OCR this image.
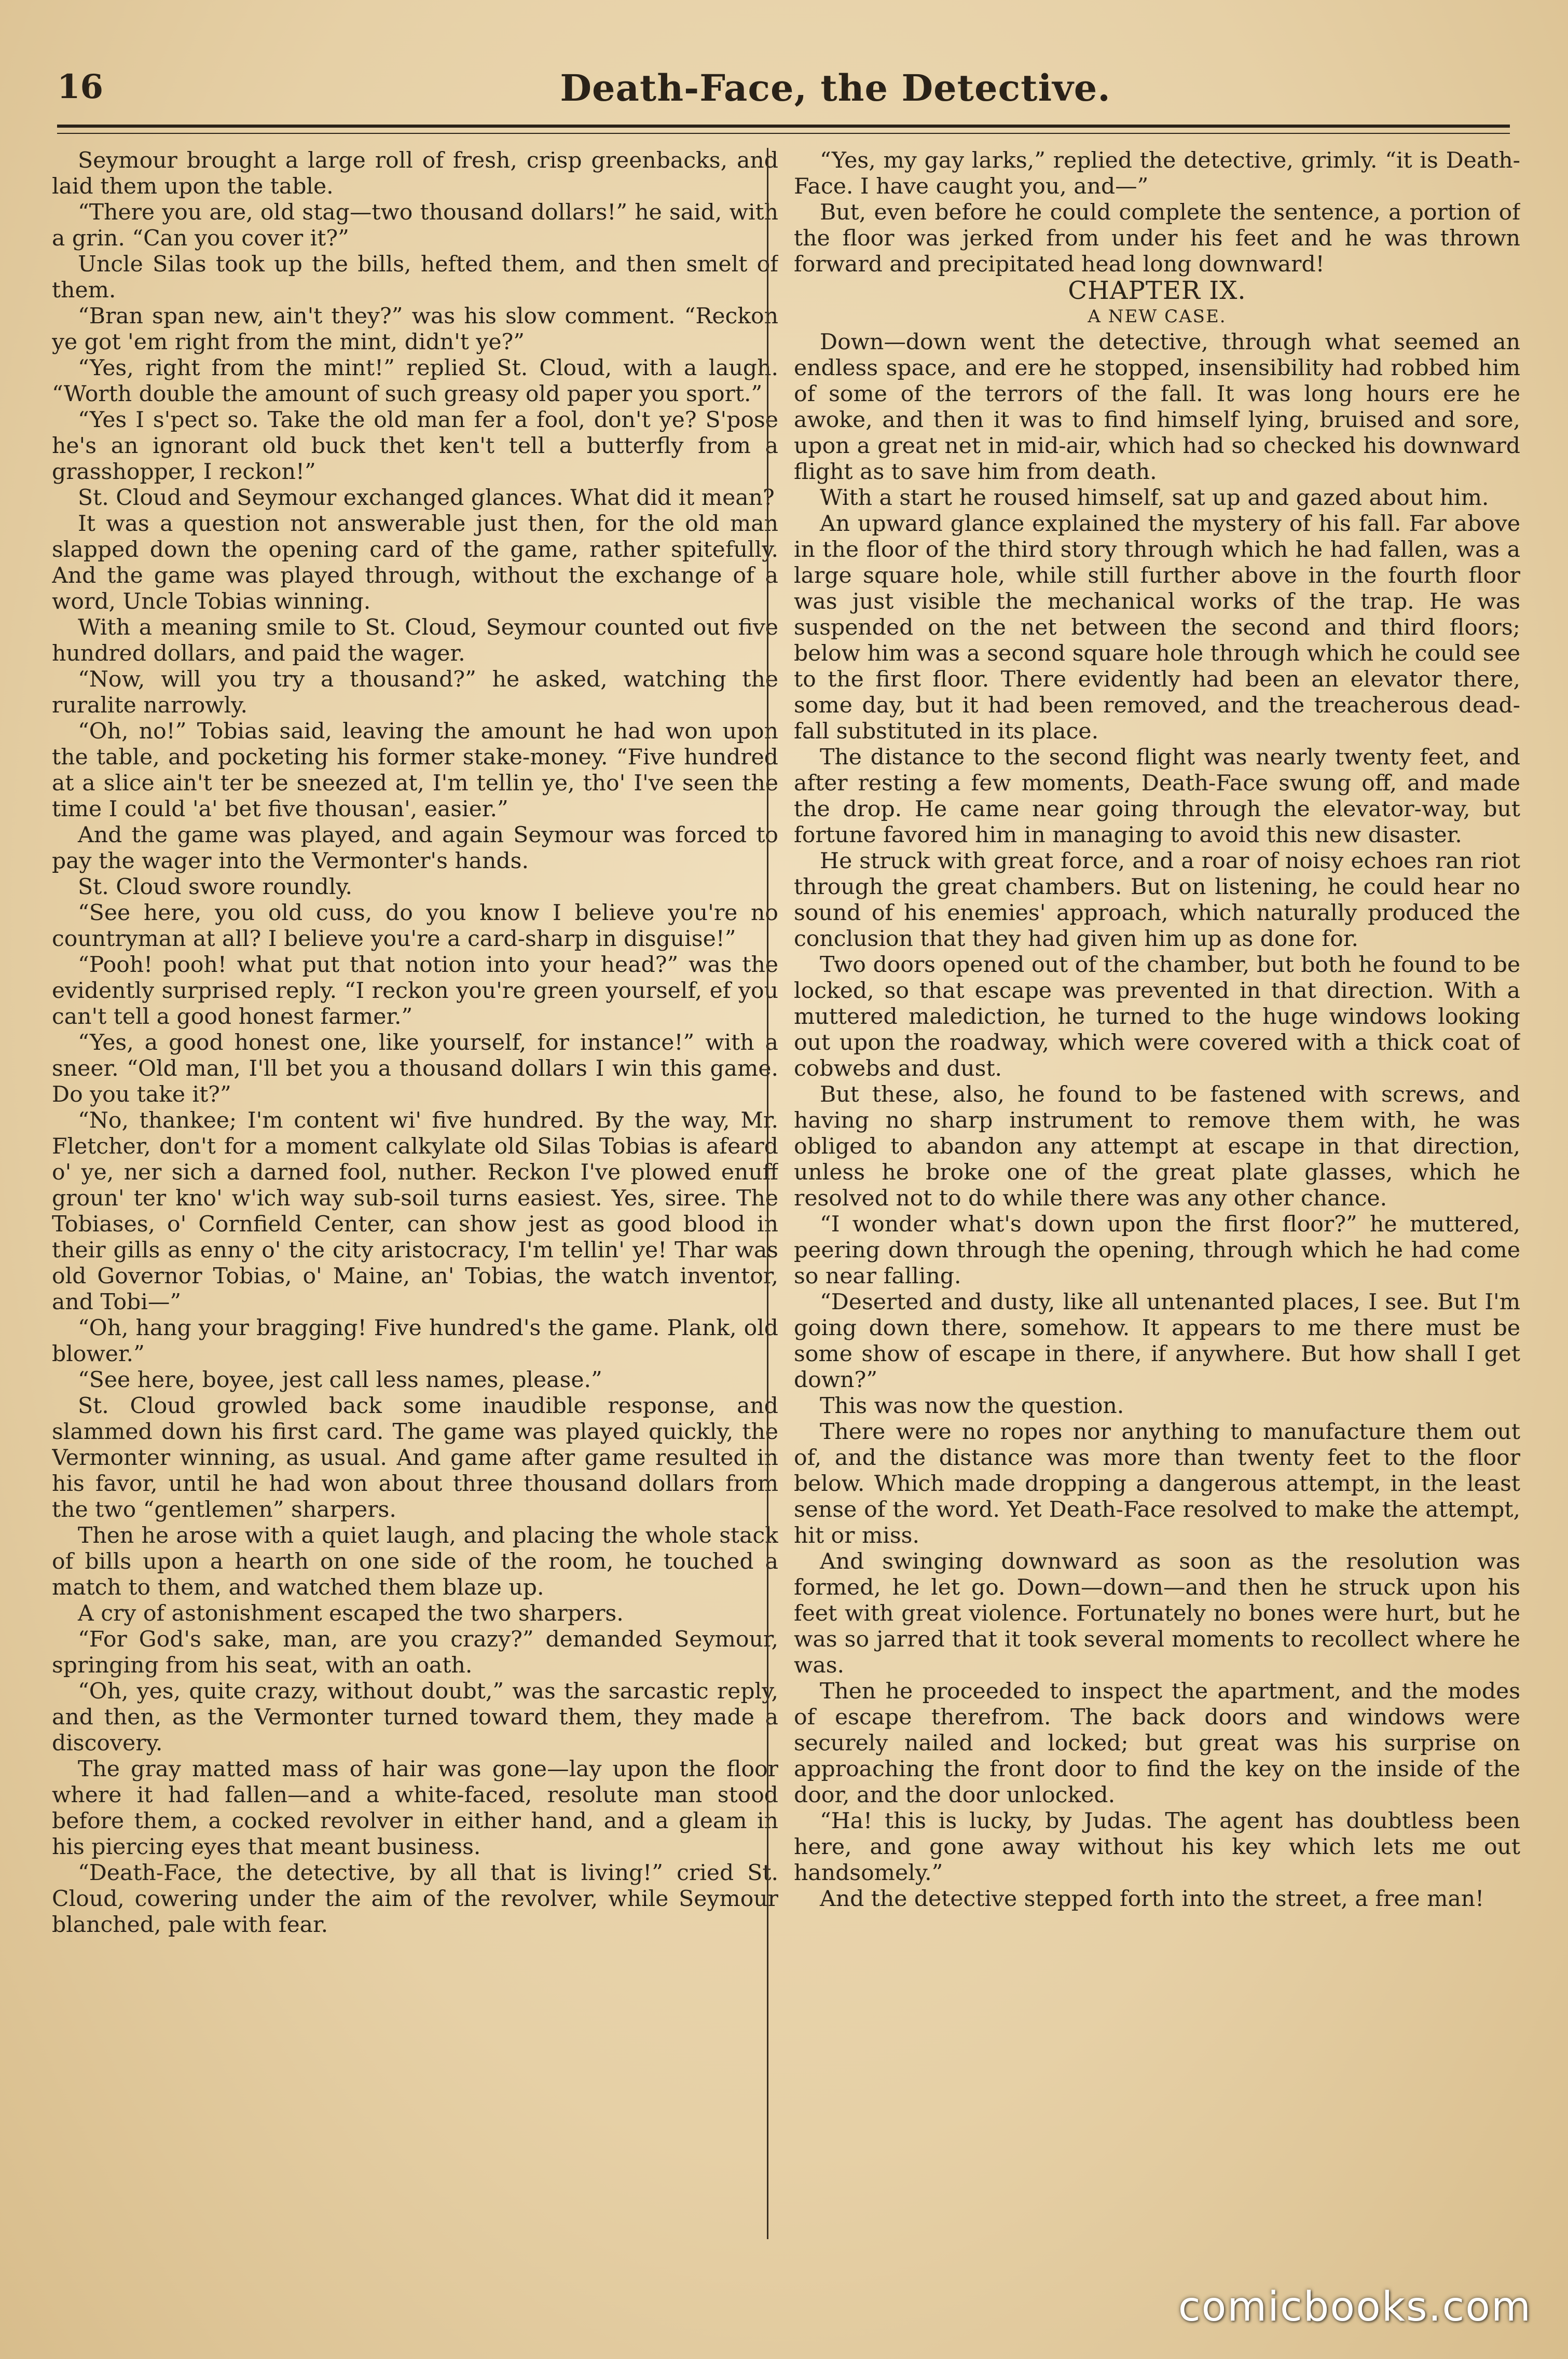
16	Death-Face, the Detective.

Seymour brought a large roll of fresh, crisp greenbacks, and laid them upon the table.

“There you are, old stag—two thousand dollars!” he said, with a grin. “Can you cover it?”

Uncle Silas took up the bills, hefted them, and then smelt of them.

“Bran span new, ain't they?” was his slow comment. “Reckon ye got 'em right from the mint, didn't ye?”

“Yes, right from the mint!” replied St. Cloud, with a laugh. “Worth double the amount of such greasy old paper you sport.”

“Yes I s'pect so. Take the old man fer a fool, don't ye? S'pose he's an ignorant old buck thet ken't tell a butterfly from a grasshopper, I reckon!”

St. Cloud and Seymour exchanged glances. What did it mean?

It was a question not answerable just then, for the old man slapped down the opening card of the game, rather spitefully. And the game was played through, without the exchange of a word, Uncle Tobias winning.

With a meaning smile to St. Cloud, Seymour counted out five hundred dollars, and paid the wager.

“Now, will you try a thousand?” he asked, watching the ruralite narrowly.

“Oh, no!” Tobias said, leaving the amount he had won upon the table, and pocketing his former stake-money. “Five hundred at a slice ain't ter be sneezed at, I'm tellin ye, tho' I've seen the time I could 'a' bet five thousan', easier.”

And the game was played, and again Seymour was forced to pay the wager into the Vermonter's hands.

St. Cloud swore roundly.

“See here, you old cuss, do you know I believe you're no countryman at all? I believe you're a card-sharp in disguise!”

“Pooh! pooh! what put that notion into your head?” was the evidently surprised reply. “I reckon you're green yourself, ef you can't tell a good honest farmer.”

“Yes, a good honest one, like yourself, for instance!” with a sneer. “Old man, I'll bet you a thousand dollars I win this game. Do you take it?”

“No, thankee; I'm content wi' five hundred. By the way, Mr. Fletcher, don't for a moment calkylate old Silas Tobias is afeard o' ye, ner sich a darned fool, nuther. Reckon I've plowed enuff groun' ter kno' w'ich way sub-soil turns easiest. Yes, siree. The Tobiases, o' Cornfield Center, can show jest as good blood in their gills as enny o' the city aristocracy, I'm tellin' ye! Thar was old Governor Tobias, o' Maine, an' Tobias, the watch inventor, and Tobi—”

“Oh, hang your bragging! Five hundred's the game. Plank, old blower.”

“See here, boyee, jest call less names, please.”

St. Cloud growled back some inaudible response, and slammed down his first card. The game was played quickly, the Vermonter winning, as usual. And game after game resulted in his favor, until he had won about three thousand dollars from the two “gentlemen” sharpers.

Then he arose with a quiet laugh, and placing the whole stack of bills upon a hearth on one side of the room, he touched a match to them, and watched them blaze up.

A cry of astonishment escaped the two sharpers.

“For God's sake, man, are you crazy?” demanded Seymour, springing from his seat, with an oath.

“Oh, yes, quite crazy, without doubt,” was the sarcastic reply, and then, as the Vermonter turned toward them, they made a discovery.

The gray matted mass of hair was gone—lay upon the floor where it had fallen—and a white-faced, resolute man stood before them, a cocked revolver in either hand, and a gleam in his piercing eyes that meant business.

“Death-Face, the detective, by all that is living!” cried St. Cloud, cowering under the aim of the revolver, while Seymour blanched, pale with fear.

“Yes, my gay larks,” replied the detective, grimly. “it is Death-Face. I have caught you, and—”

But, even before he could complete the sentence, a portion of the floor was jerked from under his feet and he was thrown forward and precipitated head long downward!

CHAPTER IX.

A NEW CASE.

Down—down went the detective, through what seemed an endless space, and ere he stopped, insensibility had robbed him of some of the terrors of the fall. It was long hours ere he awoke, and then it was to find himself lying, bruised and sore, upon a great net in mid-air, which had so checked his downward flight as to save him from death.

With a start he roused himself, sat up and gazed about him.

An upward glance explained the mystery of his fall. Far above in the floor of the third story through which he had fallen, was a large square hole, while still further above in the fourth floor was just visible the mechanical works of the trap. He was suspended on the net between the second and third floors; below him was a second square hole through which he could see to the first floor. There evidently had been an elevator there, some day, but it had been removed, and the treacherous dead-fall substituted in its place.

The distance to the second flight was nearly twenty feet, and after resting a few moments, Death-Face swung off, and made the drop. He came near going through the elevator-way, but fortune favored him in managing to avoid this new disaster.

He struck with great force, and a roar of noisy echoes ran riot through the great chambers. But on listening, he could hear no sound of his enemies' approach, which naturally produced the conclusion that they had given him up as done for.

Two doors opened out of the chamber, but both he found to be locked, so that escape was prevented in that direction. With a muttered malediction, he turned to the huge windows looking out upon the roadway, which were covered with a thick coat of cobwebs and dust.

But these, also, he found to be fastened with screws, and having no sharp instrument to remove them with, he was obliged to abandon any attempt at escape in that direction, unless he broke one of the great plate glasses, which he resolved not to do while there was any other chance.

“I wonder what's down upon the first floor?” he muttered, peering down through the opening, through which he had come so near falling.

“Deserted and dusty, like all untenanted places, I see. But I'm going down there, somehow. It appears to me there must be some show of escape in there, if anywhere. But how shall I get down?”

This was now the question.

There were no ropes nor anything to manufacture them out of, and the distance was more than twenty feet to the floor below. Which made dropping a dangerous attempt, in the least sense of the word. Yet Death-Face resolved to make the attempt, hit or miss.

And swinging downward as soon as the resolution was formed, he let go. Down—down—and then he struck upon his feet with great violence. Fortunately no bones were hurt, but he was so jarred that it took several moments to recollect where he was.

Then he proceeded to inspect the apartment, and the modes of escape therefrom. The back doors and windows were securely nailed and locked; but great was his surprise on approaching the front door to find the key on the inside of the door, and the door unlocked.

“Ha! this is lucky, by Judas. The agent has doubtless been here, and gone away without his key which lets me out handsomely.”

And the detective stepped forth into the street, a free man!

comicbooks.com
